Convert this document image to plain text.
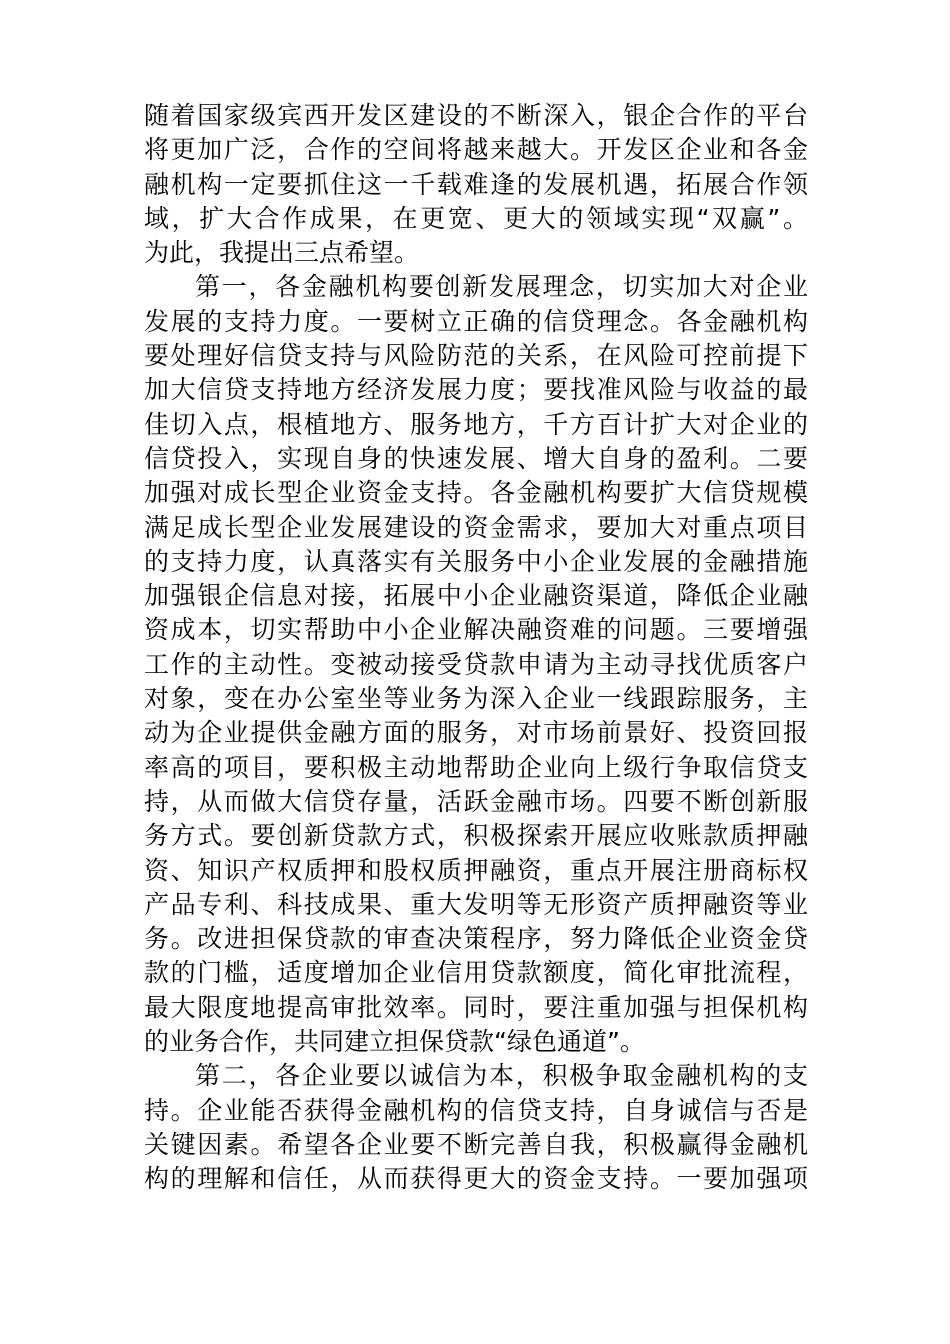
随着国家级宾西开发区建设的不断深入，银企合作的平台
将更加广泛，合作的空间将越来越大。开发区企业和各金
融机构一定要抓住这一千载难逢的发展机遇，拓展合作领
域，扩大合作成果，在更宽、更大的领域实现“双赢”。
为此，我提出三点希望。
第一，各金融机构要创新发展理念，切实加大对企业
发展的支持力度。一要树立正确的信贷理念。各金融机构
要处理好信贷支持与风险防范的关系，在风险可控前提下
加大信贷支持地方经济发展力度；要找准风险与收益的最
佳切入点，根植地方、服务地方，千方百计扩大对企业的
信贷投入，实现自身的快速发展、增大自身的盈利。二要
加强对成长型企业资金支持。各金融机构要扩大信贷规模
满足成长型企业发展建设的资金需求，要加大对重点项目
的支持力度，认真落实有关服务中小企业发展的金融措施
加强银企信息对接，拓展中小企业融资渠道，降低企业融
资成本，切实帮助中小企业解决融资难的问题。三要增强
工作的主动性。变被动接受贷款申请为主动寻找优质客户
对象，变在办公室坐等业务为深入企业一线跟踪服务，主
动为企业提供金融方面的服务，对市场前景好、投资回报
率高的项目，要积极主动地帮助企业向上级行争取信贷支
持，从而做大信贷存量，活跃金融市场。四要不断创新服
务方式。要创新贷款方式，积极探索开展应收账款质押融
资、知识产权质押和股权质押融资，重点开展注册商标权
产品专利、科技成果、重大发明等无形资产质押融资等业
务。改进担保贷款的审查决策程序，努力降低企业资金贷
款的门槛，适度增加企业信用贷款额度，简化审批流程，
最大限度地提高审批效率。同时，要注重加强与担保机构
的业务合作，共同建立担保贷款“绿色通道”。
第二，各企业要以诚信为本，积极争取金融机构的支
持。企业能否获得金融机构的信贷支持，自身诚信与否是
关键因素。希望各企业要不断完善自我，积极赢得金融机
构的理解和信任，从而获得更大的资金支持。一要加强项
